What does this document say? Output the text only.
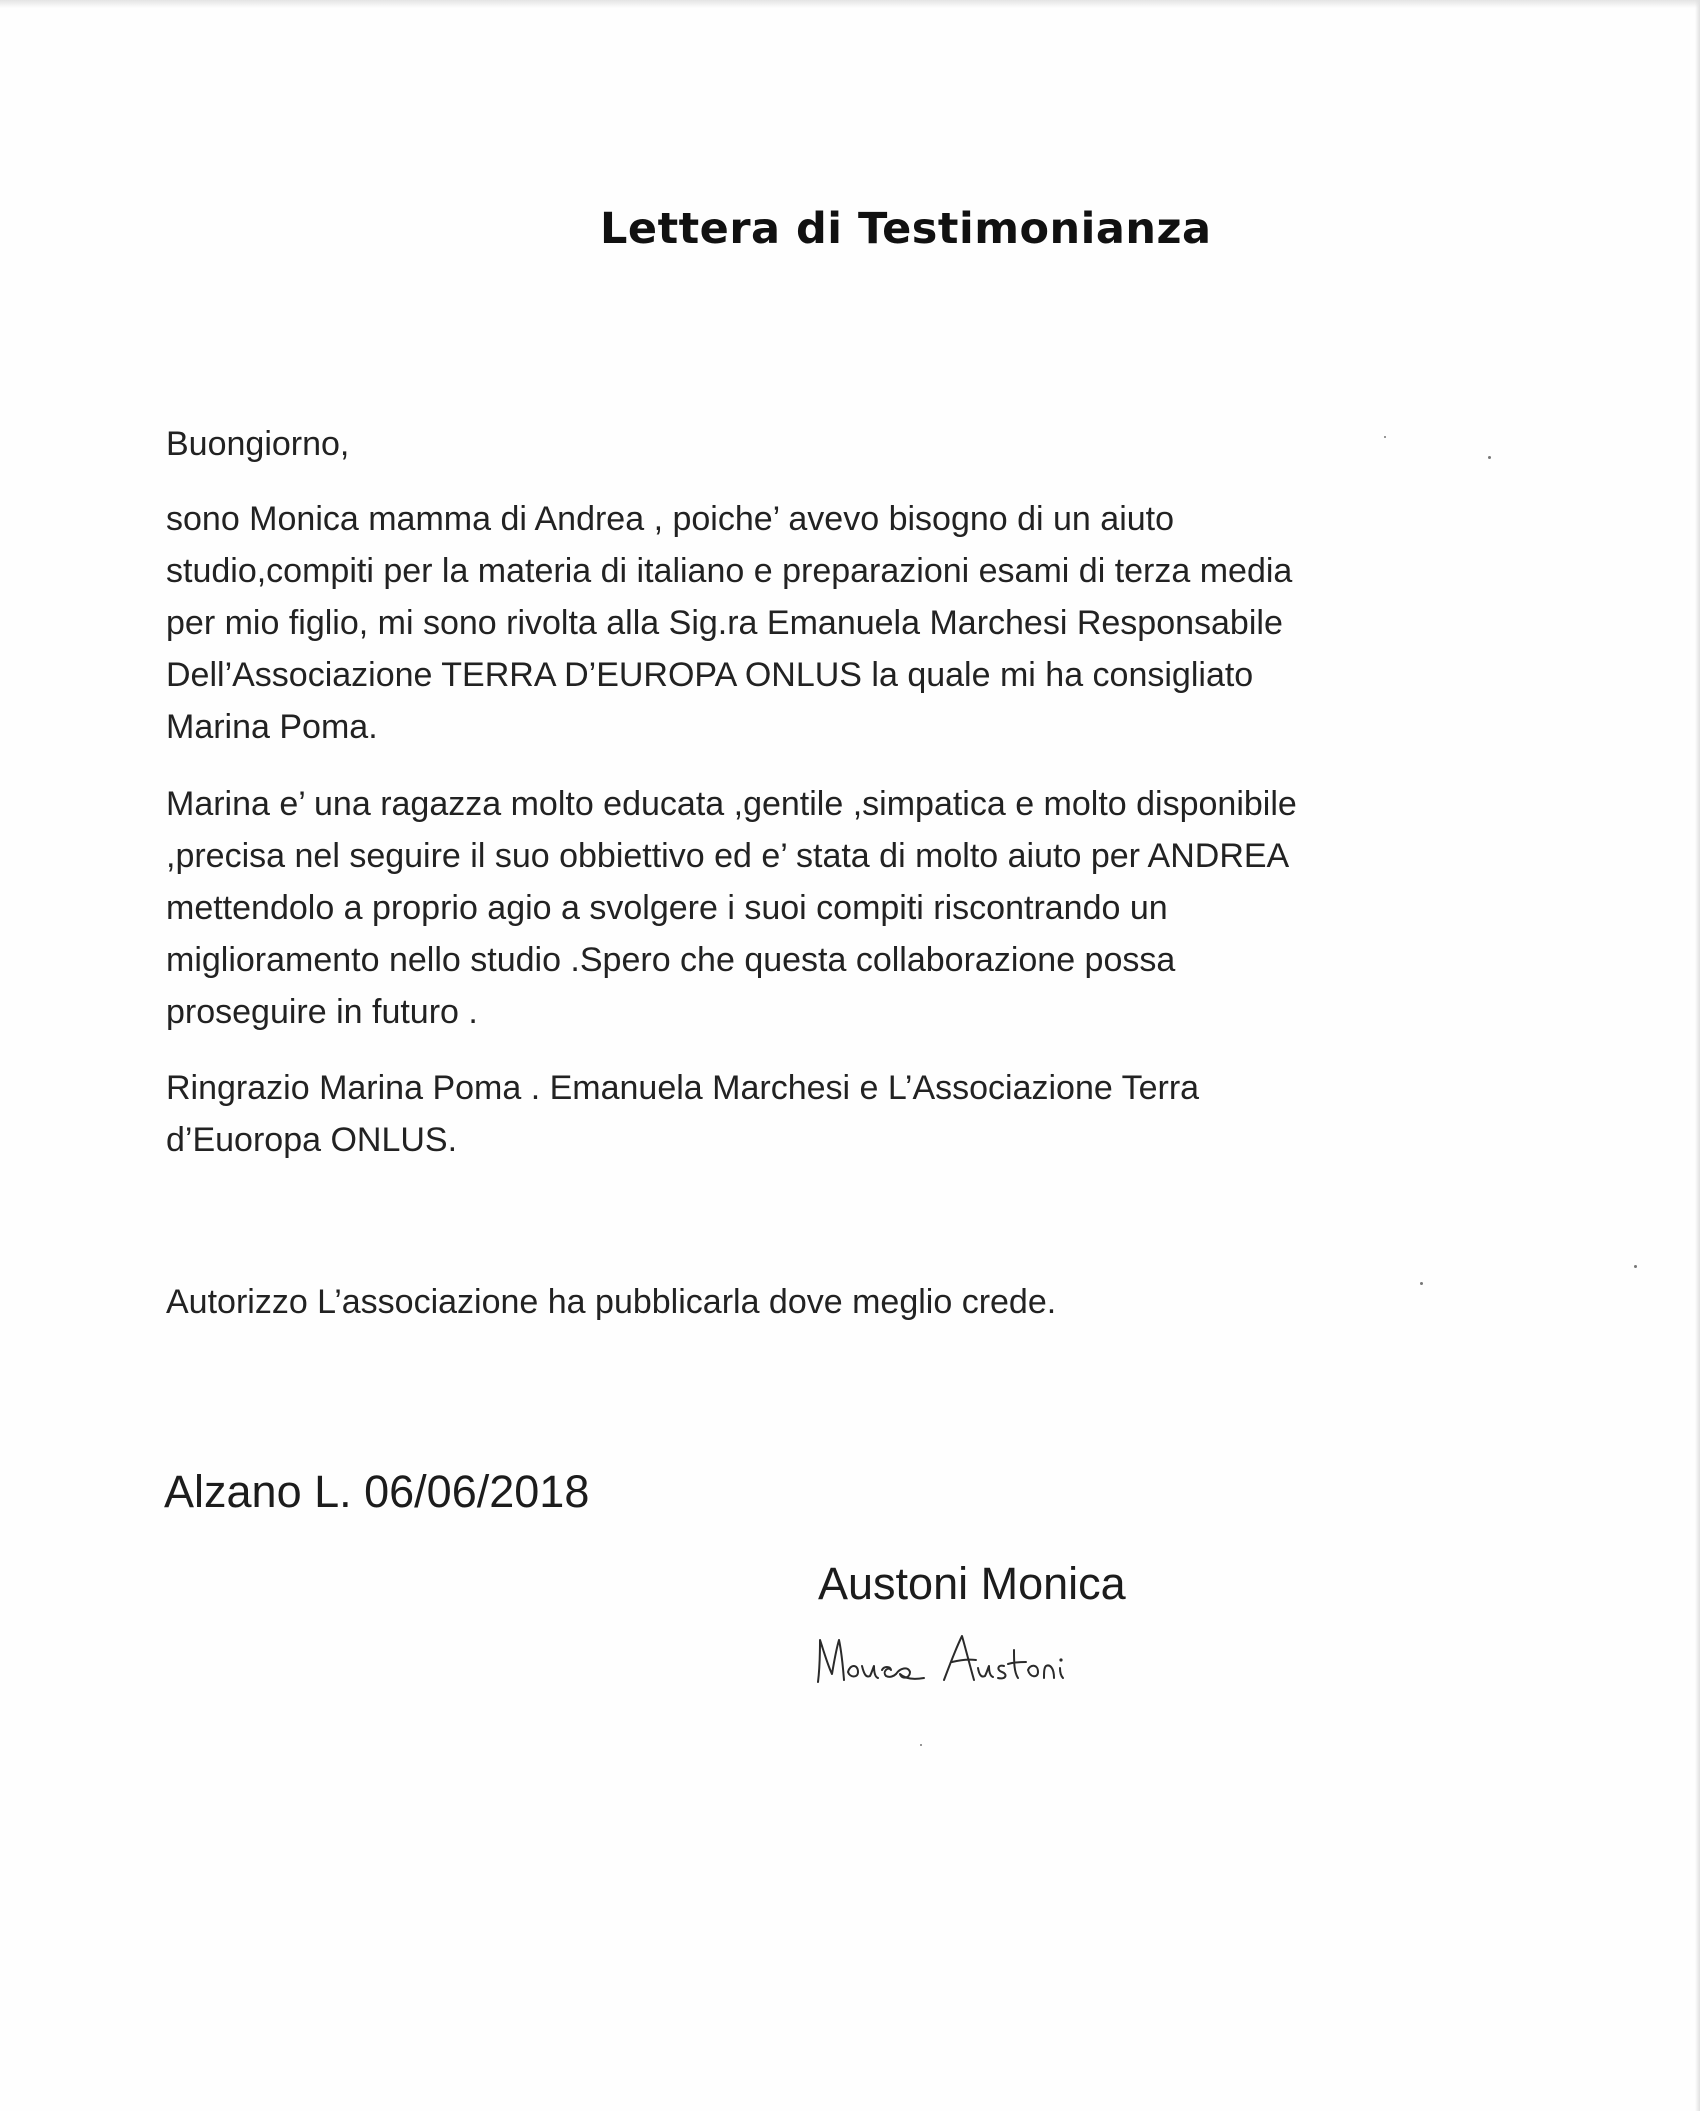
Lettera di Testimonianza
Buongiorno,
sono Monica mamma di Andrea , poiche’ avevo bisogno di un aiuto
studio,compiti per la materia di italiano e preparazioni esami di terza media
per mio figlio, mi sono rivolta alla Sig.ra Emanuela Marchesi Responsabile
Dell’Associazione TERRA D’EUROPA ONLUS la quale mi ha consigliato
Marina Poma.
Marina e’ una ragazza molto educata ,gentile ,simpatica e molto disponibile
,precisa nel seguire il suo obbiettivo ed e’ stata di molto aiuto per ANDREA
mettendolo a proprio agio a svolgere i suoi compiti riscontrando un
miglioramento nello studio .Spero che questa collaborazione possa
proseguire in futuro .
Ringrazio Marina Poma . Emanuela Marchesi e L’Associazione Terra
d’Euoropa ONLUS.
Autorizzo L’associazione ha pubblicarla dove meglio crede.
Alzano L. 06/06/2018
Austoni Monica
